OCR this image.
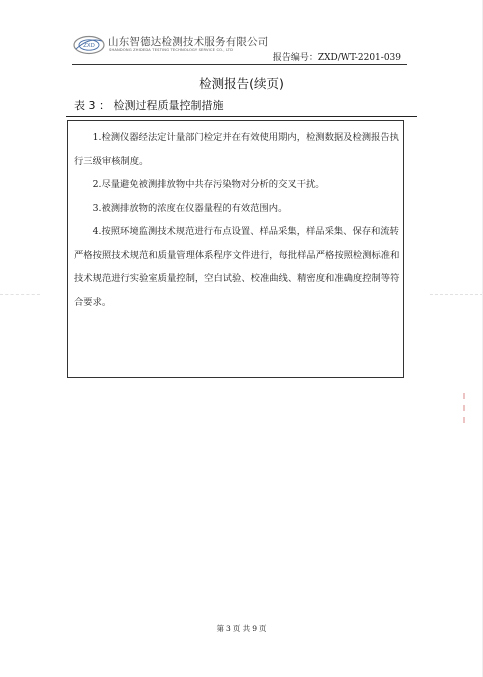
ZXD 山东智德达检测技术服务有限公司
SHANDONG ZHIDEDA TESTING TECHNOLOGY SERVICE CO., LTD
报告编号：ZXD/WT-2201-039
检测报告(续页)
表 3 ： 检测过程质量控制措施

1.检测仪器经法定计量部门检定并在有效使用期内，检测数据及检测报告执行三级审核制度。

2.尽量避免被测排放物中共存污染物对分析的交叉干扰。

3.被测排放物的浓度在仪器量程的有效范围内。

4.按照环境监测技术规范进行布点设置、样品采集，样品采集、保存和流转严格按照技术规范和质量管理体系程序文件进行，每批样品严格按照检测标准和技术规范进行实验室质量控制，空白试验、校准曲线、精密度和准确度控制等符合要求。

第 3 页 共 9 页
